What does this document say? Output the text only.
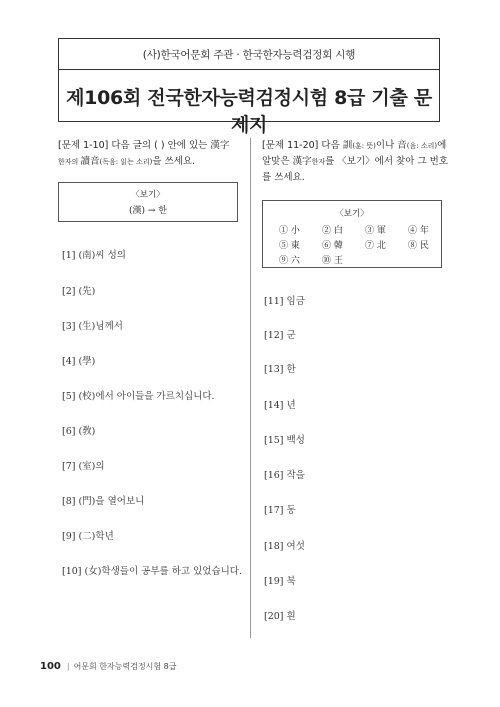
(사)한국어문회 주관 · 한국한자능력검정회 시행
제106회 전국한자능력검정시험 8급 기출 문제지
[문제 1-10] 다음 글의 ( ) 안에 있는 漢字
한자의 讀音(독음: 읽는 소리)을 쓰세요.
〈보기〉
(漢) → 한
[1] (南)씨 성의
[2] (先)
[3] (生)님께서
[4] (學)
[5] (校)에서 아이들을 가르치십니다.
[6] (敎)
[7] (室)의
[8] (門)을 열어보니
[9] (二)학년
[10] (女)학생들이 공부를 하고 있었습니다.
[문제 11-20] 다음 訓(훈: 뜻)이나 音(음: 소리)에
알맞은 漢字한자를 〈보기〉에서 찾아 그 번호
를 쓰세요.
〈보기〉
① 小	② 白	③ 軍	④ 年
⑤ 東	⑥ 韓	⑦ 北	⑧ 民
⑨ 六	⑩ 王
[11] 임금
[12] 군
[13] 한
[14] 년
[15] 백성
[16] 작을
[17] 동
[18] 여섯
[19] 북
[20] 흰
100 | 어문회 한자능력검정시험 8급
